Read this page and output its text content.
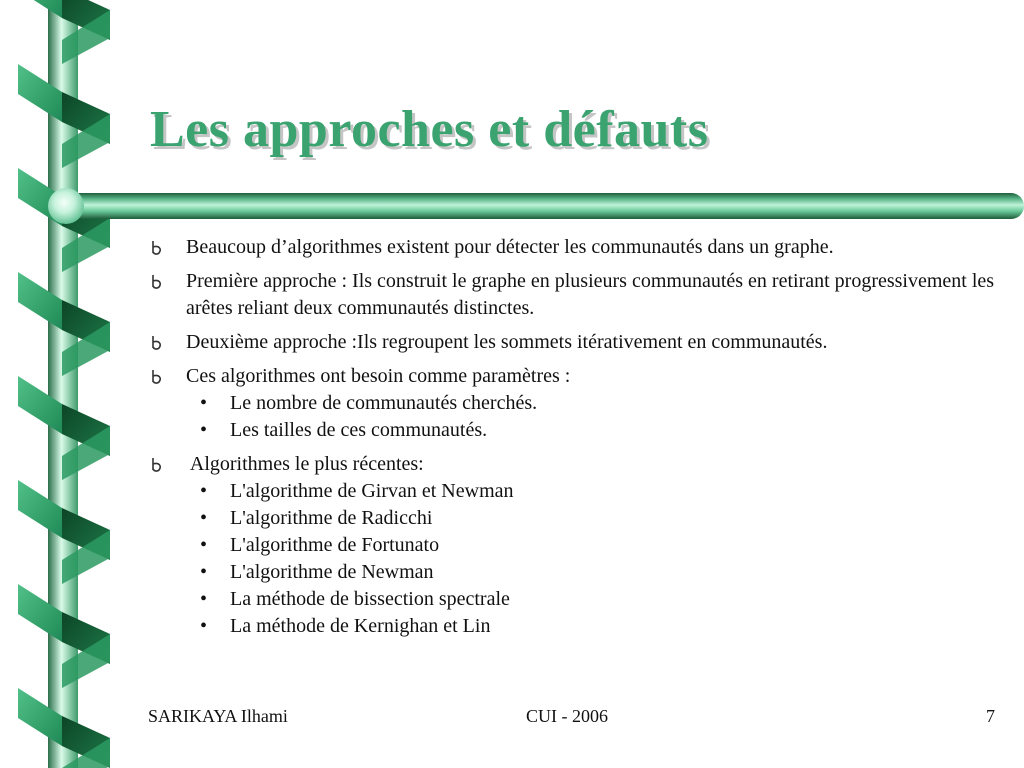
Les approches et défauts
Beaucoup d’algorithmes existent pour détecter les communautés dans un graphe.
Première approche : Ils construit le graphe en plusieurs communautés en retirant progressivement les arêtes reliant deux communautés distinctes.
Deuxième approche :Ils regroupent les sommets itérativement en communautés.
Ces algorithmes ont besoin comme paramètres :
• Le nombre de communautés cherchés.
• Les tailles de ces communautés.
Algorithmes le plus récentes:
• L'algorithme de Girvan et Newman
• L'algorithme de Radicchi
• L'algorithme de Fortunato
• L'algorithme de Newman
• La méthode de bissection spectrale
• La méthode de Kernighan et Lin
SARIKAYA Ilhami	CUI - 2006	7
